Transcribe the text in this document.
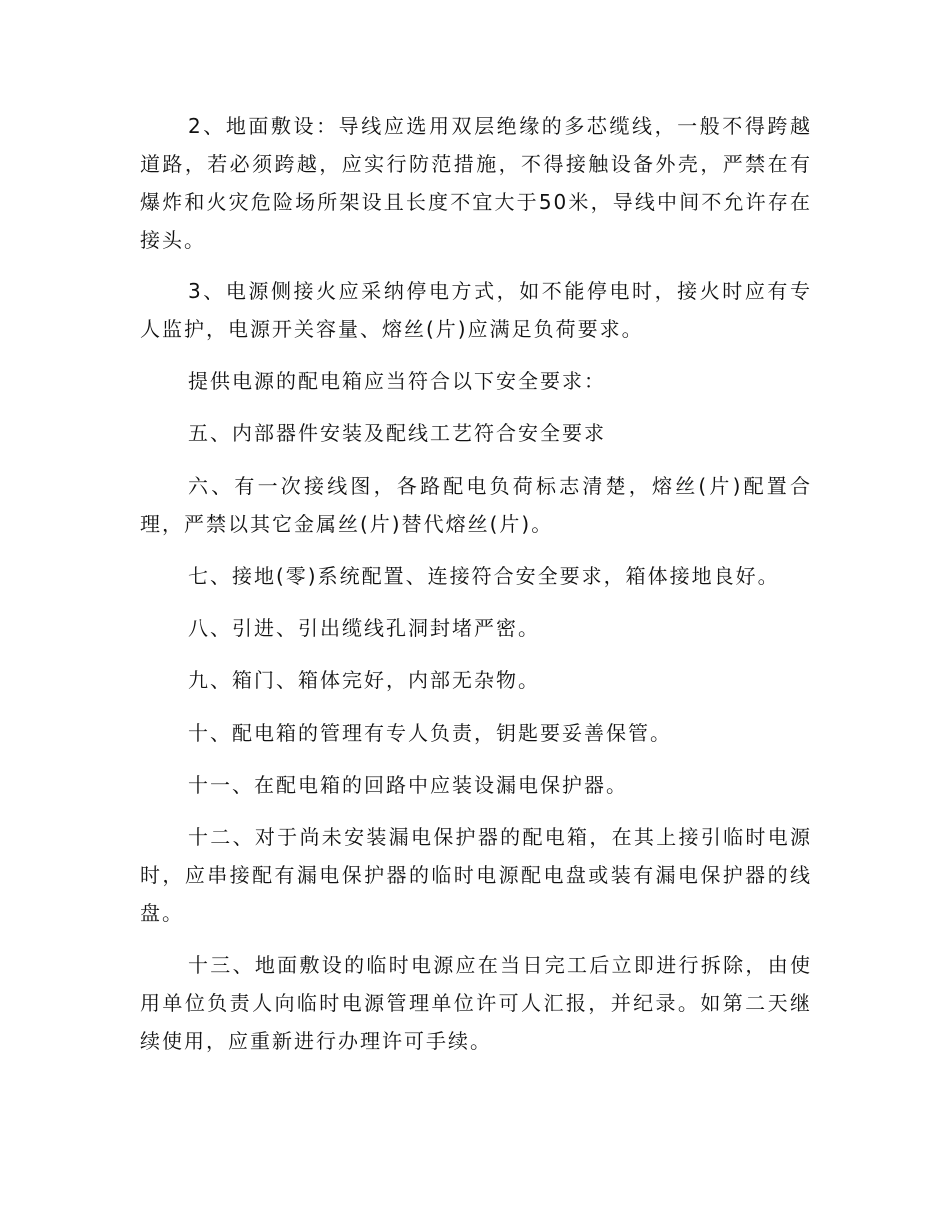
2、地面敷设：导线应选用双层绝缘的多芯缆线，一般不得跨越道路，若必须跨越，应实行防范措施，不得接触设备外壳，严禁在有爆炸和火灾危险场所架设且长度不宜大于50米，导线中间不允许存在接头。

3、电源侧接火应采纳停电方式，如不能停电时，接火时应有专人监护，电源开关容量、熔丝(片)应满足负荷要求。

提供电源的配电箱应当符合以下安全要求：

五、内部器件安装及配线工艺符合安全要求

六、有一次接线图，各路配电负荷标志清楚，熔丝(片)配置合理，严禁以其它金属丝(片)替代熔丝(片)。

七、接地(零)系统配置、连接符合安全要求，箱体接地良好。

八、引进、引出缆线孔洞封堵严密。

九、箱门、箱体完好，内部无杂物。

十、配电箱的管理有专人负责，钥匙要妥善保管。

十一、在配电箱的回路中应装设漏电保护器。

十二、对于尚未安装漏电保护器的配电箱，在其上接引临时电源时，应串接配有漏电保护器的临时电源配电盘或装有漏电保护器的线盘。

十三、地面敷设的临时电源应在当日完工后立即进行拆除，由使用单位负责人向临时电源管理单位许可人汇报，并纪录。如第二天继续使用，应重新进行办理许可手续。
